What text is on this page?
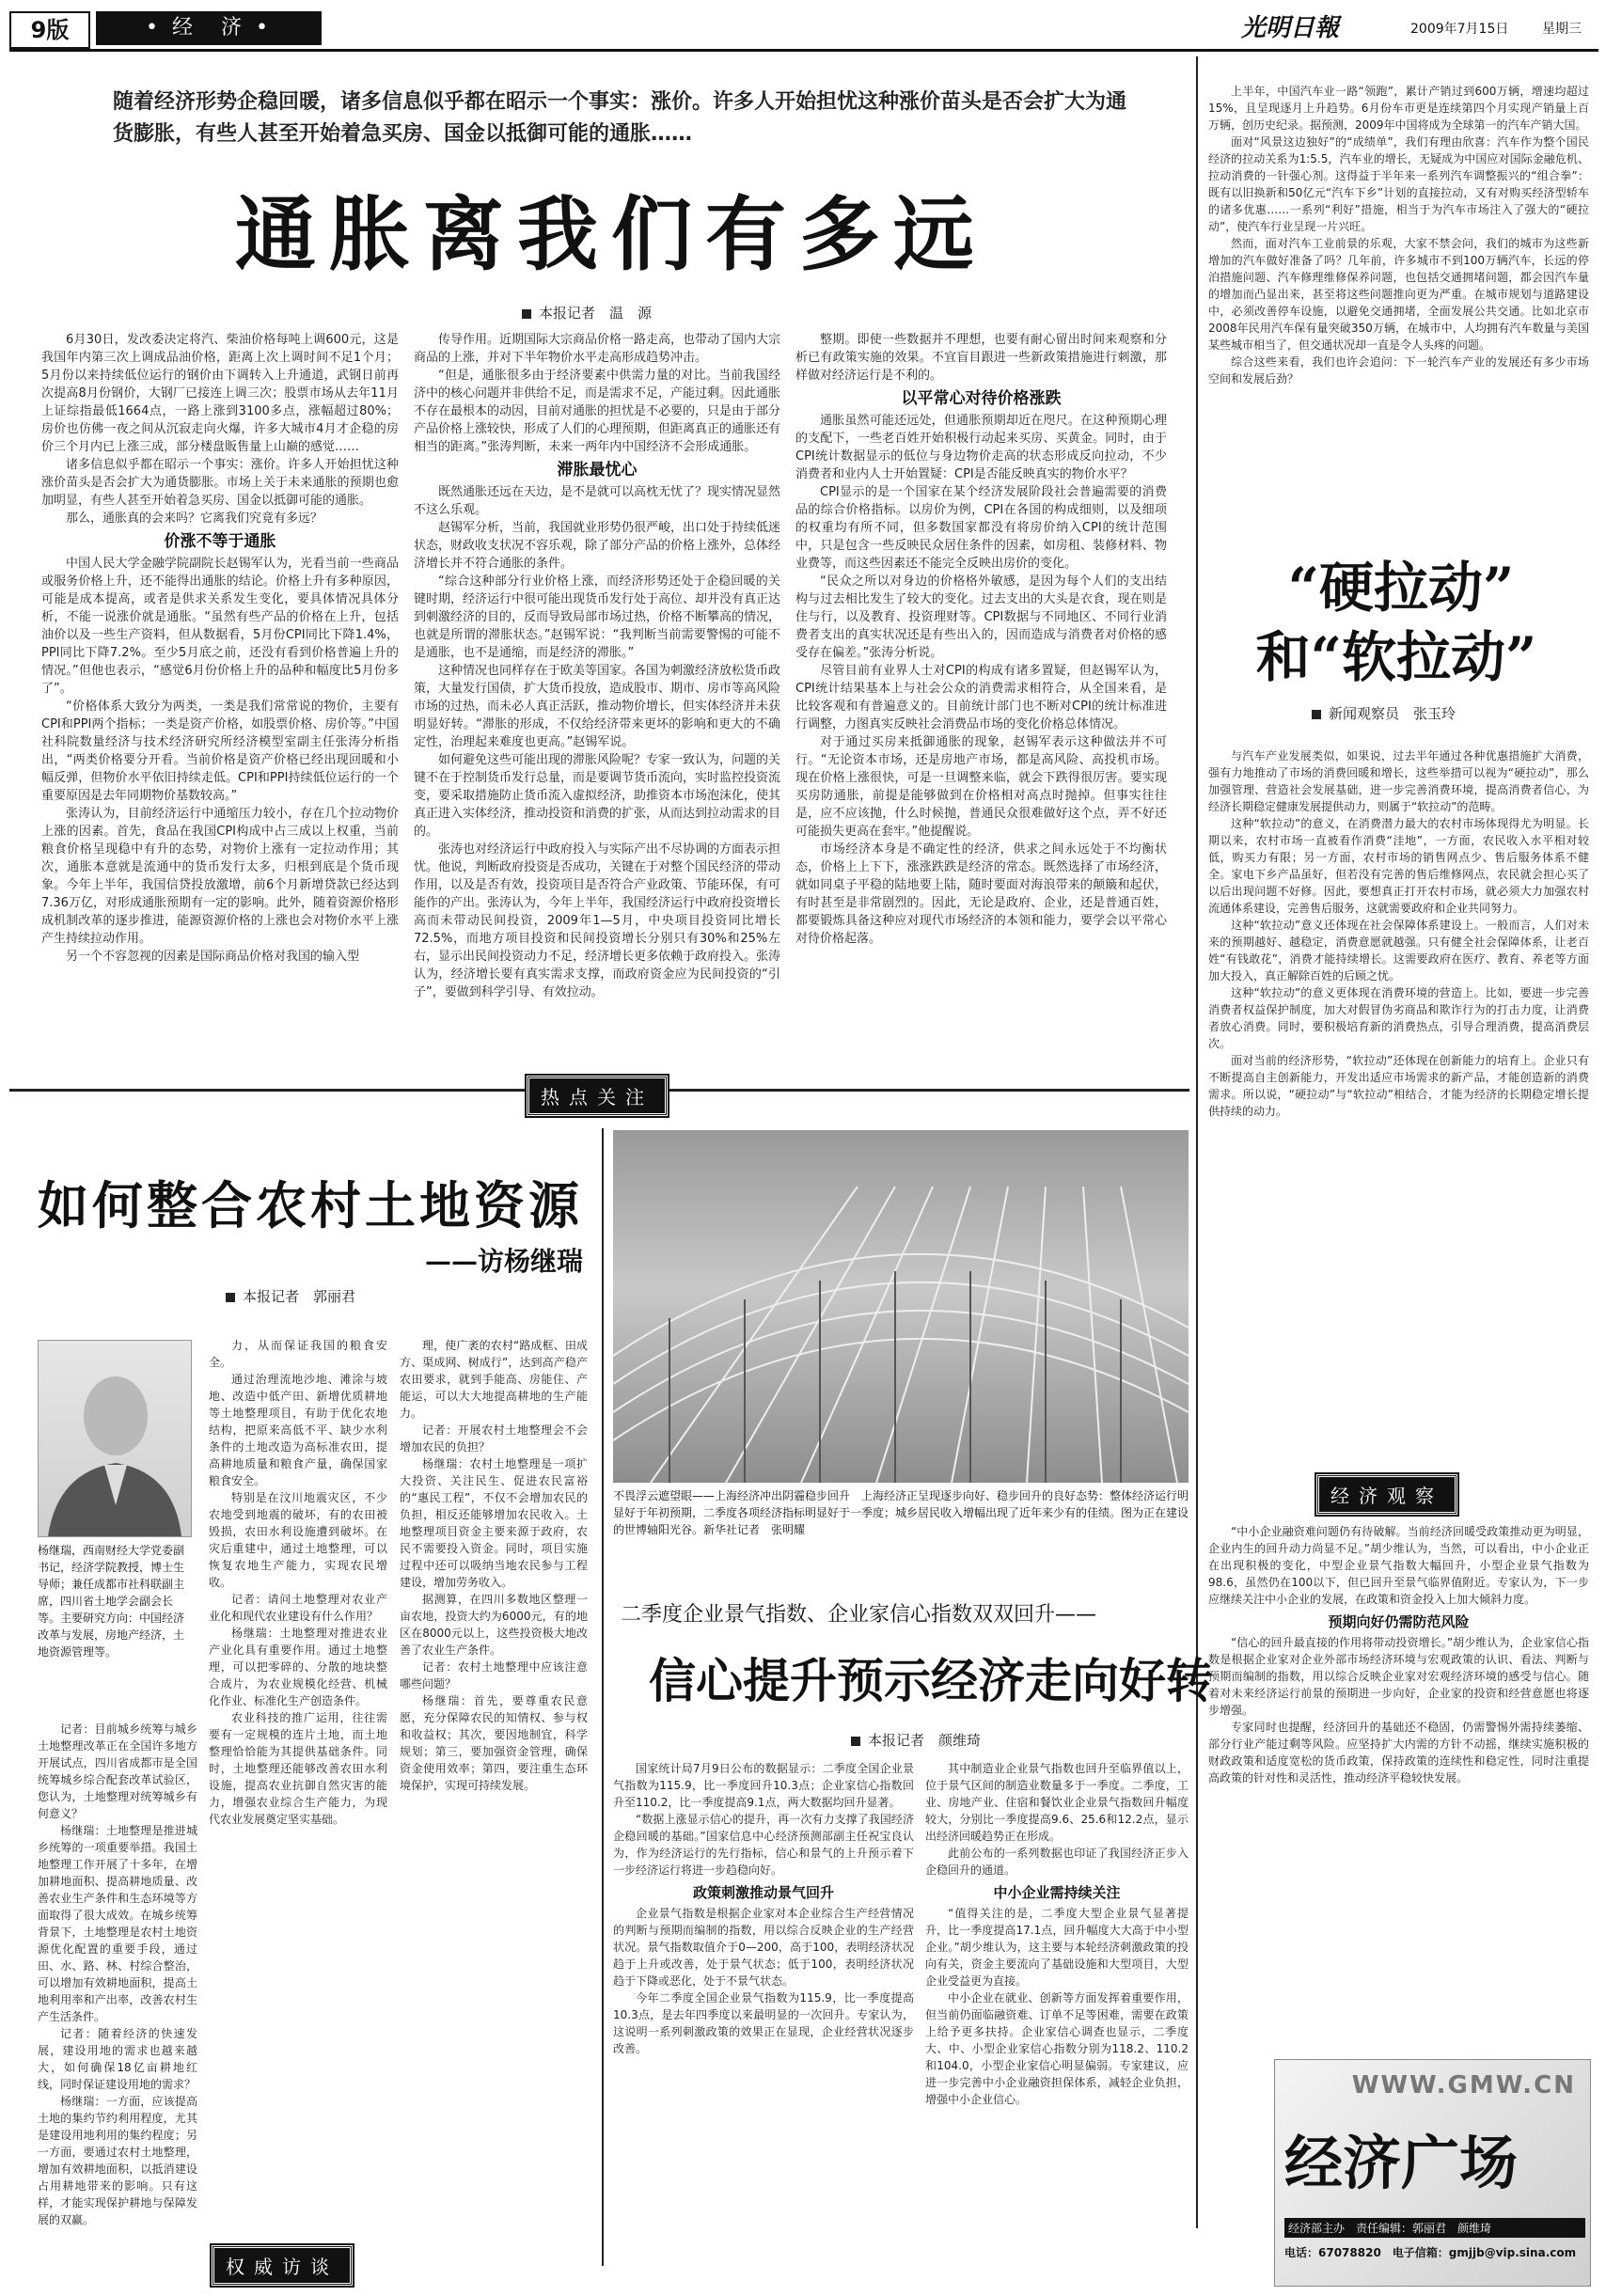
9版	• 经　济 •	光明日報	2009年7月15日	星期三
随着经济形势企稳回暖，诸多信息似乎都在昭示一个事实：涨价。许多人开始担忧这种涨价苗头是否会扩大为通货膨胀，有些人甚至开始着急买房、国金以抵御可能的通胀……
通胀离我们有多远
本报记者　温　源

6月30日，发改委决定将汽、柴油价格每吨上调600元，这是我国年内第三次上调成品油价格，距离上次上调时间不足1个月；5月份以来持续低位运行的钢价由下调转入上升通道，武钢日前再次提高8月份钢价，大钢厂已接连上调三次；股票市场从去年11月上证综指最低1664点，一路上涨到3100多点，涨幅超过80%；房价也仿佛一夜之间从沉寂走向火爆，许多大城市4月才企稳的房价三个月内已上涨三成，部分楼盘販售量上山巅的感觉……

诸多信息似乎都在昭示一个事实：涨价。许多人开始担忧这种涨价苗头是否会扩大为通货膨胀。市场上关于未来通胀的预期也愈加明显，有些人甚至开始着急买房、国金以抵御可能的通胀。

那么，通胀真的会来吗？它离我们究竟有多远？

价涨不等于通胀

中国人民大学金融学院副院长赵锡军认为，光看当前一些商品或服务价格上升，还不能得出通胀的结论。价格上升有多种原因，可能是成本提高，或者是供求关系发生变化，要具体情况具体分析，不能一说涨价就是通胀。“虽然有些产品的价格在上升，包括油价以及一些生产资料，但从数据看，5月份CPI同比下降1.4%，PPI同比下降7.2%。至少5月底之前，还没有看到价格普遍上升的情况。”但他也表示，“感觉6月份价格上升的品种和幅度比5月份多了”。

“价格体系大致分为两类，一类是我们常常说的物价，主要有CPI和PPI两个指标；一类是资产价格，如股票价格、房价等。”中国社科院数量经济与技术经济研究所经济模型室副主任张涛分析指出，“两类价格要分开看。当前价格是资产价格已经出现回暖和小幅反弹，但物价水平依旧持续走低。CPI和PPI持续低位运行的一个重要原因是去年同期物价基数较高。”

张涛认为，目前经济运行中通缩压力较小，存在几个拉动物价上涨的因素。首先，食品在我国CPI构成中占三成以上权重，当前粮食价格呈现稳中有升的态势，对物价上涨有一定拉动作用；其次，通胀本意就是流通中的货币发行太多，归根到底是个货币现象。今年上半年，我国信贷投放激增，前6个月新增贷款已经达到7.36万亿，对形成通胀预期有一定的影响。此外，随着资源价格形成机制改革的逐步推进，能源资源价格的上涨也会对物价水平上涨产生持续拉动作用。

另一个不容忽视的因素是国际商品价格对我国的输入型

传导作用。近期国际大宗商品价格一路走高，也带动了国内大宗商品的上涨，并对下半年物价水平走高形成趋势冲击。

“但是，通胀很多由于经济要素中供需力量的对比。当前我国经济中的核心问题并非供给不足，而是需求不足，产能过剩。因此通胀不存在最根本的动因，目前对通胀的担忧是不必要的，只是由于部分产品价格上涨较快，形成了人们的心理预期，但距离真正的通胀还有相当的距离。”张涛判断，未来一两年内中国经济不会形成通胀。

滞胀最忧心

既然通胀还远在天边，是不是就可以高枕无忧了？现实情况显然不这么乐观。

赵锡军分析，当前，我国就业形势仍很严峻，出口处于持续低迷状态，财政收支状况不容乐观，除了部分产品的价格上涨外，总体经济增长并不符合通胀的条件。

“综合这种部分行业价格上涨，而经济形势还处于企稳回暖的关键时期，经济运行中很可能出现货币发行处于高位、却并没有真正达到刺激经济的目的，反而导致局部市场过热，价格不断攀高的情况，也就是所谓的滞胀状态。”赵锡军说：“我判断当前需要警惕的可能不是通胀，也不是通缩，而是经济的滞胀。”

这种情况也同样存在于欧美等国家。各国为刺激经济放松货币政策，大量发行国债，扩大货币投放，造成股市、期市、房市等高风险市场的过热，而未必人真正活跃，推动物价增长，但实体经济并未获明显好转。“滞胀的形成，不仅给经济带来更坏的影响和更大的不确定性，治理起来难度也更高。”赵锡军说。

如何避免这些可能出现的滞胀风险呢？专家一致认为，问题的关键不在于控制货币发行总量，而是要调节货币流向，实时监控投资流变，要采取措施防止货币流入虚拟经济，助推资本市场泡沫化，使其真正进入实体经济，推动投资和消费的扩张，从而达到拉动需求的目的。

张涛也对经济运行中政府投入与实际产出不尽协调的方面表示担忧。他说，判断政府投资是否成功，关键在于对整个国民经济的带动作用，以及是否有效，投资项目是否符合产业政策、节能环保，有可能作的产出。张涛认为，今年上半年，我国经济运行中政府投资增长高而未带动民间投资，2009年1—5月，中央项目投资同比增长72.5%，而地方项目投资和民间投资增长分别只有30%和25%左右，显示出民间投资动力不足，经济增长更多依赖于政府投入。张涛认为，经济增长要有真实需求支撑，而政府资金应为民间投资的“引子”，要做到科学引导、有效拉动。

整期。即使一些数据并不理想，也要有耐心留出时间来观察和分析已有政策实施的效果。不宜盲目跟进一些新政策措施进行刺激，那样做对经济运行是不利的。

以平常心对待价格涨跌

通胀虽然可能还远处，但通胀预期却近在咫尺。在这种预期心理的支配下，一些老百姓开始积极行动起来买房、买黄金。同时，由于CPI统计数据显示的低位与身边物价走高的状态形成反向拉动，不少消费者和业内人士开始置疑：CPI是否能反映真实的物价水平？

CPI显示的是一个国家在某个经济发展阶段社会普遍需要的消费品的综合价格指标。以房价为例，CPI在各国的构成细则，以及细项的权重均有所不同，但多数国家都没有将房价纳入CPI的统计范围中，只是包含一些反映民众居住条件的因素，如房租、装修材料、物业费等，而这些因素还不能完全反映出房价的变化。

“民众之所以对身边的价格格外敏感，是因为每个人们的支出结构与过去相比发生了较大的变化。过去支出的大头是衣食，现在则是住与行，以及教育、投资理财等。CPI数据与不同地区、不同行业消费者支出的真实状况还是有些出入的，因而造成与消费者对价格的感受存在偏差。”张涛分析说。

尽管目前有业界人士对CPI的构成有诸多置疑，但赵锡军认为，CPI统计结果基本上与社会公众的消费需求相符合，从全国来看，是比较客观和有普遍意义的。目前统计部门也不断对CPI的统计标准进行调整，力图真实反映社会消费品市场的变化价格总体情况。

对于通过买房来抵御通胀的现象，赵锡军表示这种做法并不可行。“无论资本市场，还是房地产市场，都是高风险、高投机市场。现在价格上涨很快，可是一旦调整来临，就会下跌得很厉害。要实现买房防通胀，前提是能够做到在价格相对高点时抛掉。但事实往往是，应不应该抛，什么时候抛，普通民众很难做好这个点，弄不好还可能损失更高在套牢。”他提醒说。

市场经济本身是不确定性的经济，供求之间永远处于不均衡状态，价格上上下下，涨涨跌跌是经济的常态。既然选择了市场经济，就如同桌子平稳的陆地要上陆，随时要面对海浪带来的颠簸和起伏，有时甚至是非常剧烈的。因此，无论是政府、企业，还是普通百姓，都要锻炼具备这种应对现代市场经济的本领和能力，要学会以平常心对待价格起落。

上半年，中国汽车业一路“领跑”，累计产销过到600万辆，增速均超过15%，且呈现逐月上升趋势。6月份车市更是连续第四个月实现产销量上百万辆，创历史纪录。据预测，2009年中国将成为全球第一的汽车产销大国。

面对“风景这边独好”的“成绩单”，我们有理由欣喜：汽车作为整个国民经济的拉动关系为1:5.5，汽车业的增长，无疑成为中国应对国际金融危机、拉动消费的一针强心剂。这得益于半年来一系列汽车调整振兴的“组合拳”：既有以旧换新和50亿元“汽车下乡”计划的直接拉动，又有对购买经济型轿车的诸多优惠……一系列“利好”措施，相当于为汽车市场注入了强大的“硬拉动”，使汽车行业呈现一片兴旺。

然而，面对汽车工业前景的乐观，大家不禁会问，我们的城市为这些新增加的汽车做好准备了吗？几年前，许多城市不到100万辆汽车，长远的停泊措施问题、汽车修理维修保养问题，也包括交通拥堵问题，都会因汽车量的增加而凸显出来，甚至将这些问题推向更为严重。在城市规划与道路建设中，必须改善停车设施，以避免交通拥堵，全面发展公共交通。比如北京市2008年民用汽车保有量突破350万辆，在城市中，人均拥有汽车数量与美国某些城市相当了，但交通状况却一直是令人头疼的问题。

综合这些来看，我们也许会追问：下一轮汽车产业的发展还有多少市场空间和发展后劲？

“硬拉动”
和“软拉动”
新闻观察员　张玉玲

与汽车产业发展类似，如果说，过去半年通过各种优惠措施扩大消费，强有力地推动了市场的消费回暖和增长，这些举措可以视为“硬拉动”，那么加强管理、营造社会发展基础，进一步完善消费环境，提高消费者信心，为经济长期稳定健康发展提供动力，则属于“软拉动”的范畴。

这种“软拉动”的意义，在消费潜力最大的农村市场体现得尤为明显。长期以来，农村市场一直被看作消费“洼地”，一方面，农民收入水平相对较低，购买力有限；另一方面，农村市场的销售网点少、售后服务体系不健全。家电下乡产品虽好，但若没有完善的售后维修网点，农民就会担心买了以后出现问题不好修。因此，要想真正打开农村市场，就必须大力加强农村流通体系建设，完善售后服务，这就需要政府和企业共同努力。

这种“软拉动”意义还体现在社会保障体系建设上。一般而言，人们对未来的预期越好、越稳定，消费意愿就越强。只有健全社会保障体系，让老百姓“有钱敢花”，消费才能持续增长。这需要政府在医疗、教育、养老等方面加大投入，真正解除百姓的后顾之忧。

这种“软拉动”的意义更体现在消费环境的营造上。比如，要进一步完善消费者权益保护制度，加大对假冒伪劣商品和欺诈行为的打击力度，让消费者放心消费。同时，要积极培育新的消费热点，引导合理消费，提高消费层次。

面对当前的经济形势，“软拉动”还体现在创新能力的培育上。企业只有不断提高自主创新能力，开发出适应市场需求的新产品，才能创造新的消费需求。所以说，“硬拉动”与“软拉动”相结合，才能为经济的长期稳定增长提供持续的动力。

经济观察
热点关注
如何整合农村土地资源
——访杨继瑞
本报记者　郭丽君
杨继瑞，西南财经大学党委副书记，经济学院教授，博士生导师；兼任成都市社科联副主席，四川省土地学会副会长等。主要研究方向：中国经济改革与发展，房地产经济，土地资源管理等。

记者：目前城乡统筹与城乡土地整理改革正在全国许多地方开展试点，四川省成都市是全国统筹城乡综合配套改革试验区，您认为，土地整理对统筹城乡有何意义？

杨继瑞：土地整理是推进城乡统筹的一项重要举措。我国土地整理工作开展了十多年，在增加耕地面积、提高耕地质量、改善农业生产条件和生态环境等方面取得了很大成效。在城乡统筹背景下，土地整理是农村土地资源优化配置的重要手段，通过田、水、路、林、村综合整治，可以增加有效耕地面积，提高土地利用率和产出率，改善农村生产生活条件。

记者：随着经济的快速发展，建设用地的需求也越来越大，如何确保18亿亩耕地红线，同时保证建设用地的需求？

杨继瑞：一方面，应该提高土地的集约节约利用程度，尤其是建设用地利用的集约程度；另一方面，要通过农村土地整理，增加有效耕地面积，以抵消建设占用耕地带来的影响。只有这样，才能实现保护耕地与保障发展的双赢。

力，从而保证我国的粮食安全。

通过治理流地沙地、滩涂与坡地、改造中低产田、新增优质耕地等土地整理项目，有助于优化农地结构，把原来高低不平、缺少水利条件的土地改造为高标准农田，提高耕地质量和粮食产量，确保国家粮食安全。

特别是在汶川地震灾区，不少农地受到地震的破坏，有的农田被毁损，农田水利设施遭到破坏。在灾后重建中，通过土地整理，可以恢复农地生产能力，实现农民增收。

记者：请问土地整理对农业产业化和现代农业建设有什么作用？

杨继瑞：土地整理对推进农业产业化具有重要作用。通过土地整理，可以把零碎的、分散的地块整合成片，为农业规模化经营、机械化作业、标准化生产创造条件。

农业科技的推广运用，往往需要有一定规模的连片土地，而土地整理恰恰能为其提供基础条件。同时，土地整理还能够改善农田水利设施，提高农业抗御自然灾害的能力，增强农业综合生产能力，为现代农业发展奠定坚实基础。

理，使广袤的农村“路成框、田成方、渠成网、树成行”，达到高产稳产农田要求，就到手能高、房能住、产能运，可以大大地提高耕地的生产能力。

记者：开展农村土地整理会不会增加农民的负担？

杨继瑞：农村土地整理是一项扩大投资、关注民生、促进农民富裕的“惠民工程”，不仅不会增加农民的负担，相反还能够增加农民收入。土地整理项目资金主要来源于政府，农民不需要投入资金。同时，项目实施过程中还可以吸纳当地农民参与工程建设，增加劳务收入。

据测算，在四川多数地区整理一亩农地，投资大约为6000元，有的地区在8000元以上，这些投资极大地改善了农业生产条件。

记者：农村土地整理中应该注意哪些问题？

杨继瑞：首先，要尊重农民意愿，充分保障农民的知情权、参与权和收益权；其次，要因地制宜，科学规划；第三，要加强资金管理，确保资金使用效率；第四，要注重生态环境保护，实现可持续发展。

权威访谈
不畏浮云遮望眼——上海经济冲出阴霾稳步回升　上海经济正呈现逐步向好、稳步回升的良好态势：整体经济运行明显好于年初预期，二季度各项经济指标明显好于一季度；城乡居民收入增幅出现了近年来少有的佳绩。图为正在建设的世博轴阳光谷。新华社记者　张明耀
二季度企业景气指数、企业家信心指数双双回升——
信心提升预示经济走向好转
本报记者　颜维琦

国家统计局7月9日公布的数据显示：二季度全国企业景气指数为115.9，比一季度回升10.3点；企业家信心指数回升至110.2，比一季度提高9.1点，两大数据均回升显著。

“数据上涨显示信心的提升，再一次有力支撑了我国经济企稳回暖的基础。”国家信息中心经济预测部副主任祝宝良认为，作为经济运行的先行指标，信心和景气的上升预示着下一步经济运行将进一步趋稳向好。

政策刺激推动景气回升

企业景气指数是根据企业家对本企业综合生产经营情况的判断与预期而编制的指数，用以综合反映企业的生产经营状况。景气指数取值介于0—200，高于100，表明经济状况趋于上升或改善，处于景气状态；低于100，表明经济状况趋于下降或恶化，处于不景气状态。

今年二季度全国企业景气指数为115.9，比一季度提高10.3点，是去年四季度以来最明显的一次回升。专家认为，这说明一系列刺激政策的效果正在显现，企业经营状况逐步改善。

其中制造业企业景气指数也回升至临界值以上，位于景气区间的制造业数量多于一季度。二季度，工业、房地产业、住宿和餐饮业企业景气指数回升幅度较大，分别比一季度提高9.6、25.6和12.2点，显示出经济回暖趋势正在形成。

此前公布的一系列数据也印证了我国经济正步入企稳回升的通道。

中小企业需持续关注

“值得关注的是，二季度大型企业景气显著提升，比一季度提高17.1点，回升幅度大大高于中小型企业。”胡少维认为，这主要与本轮经济刺激政策的投向有关，资金主要流向了基础设施和大型项目，大型企业受益更为直接。

中小企业在就业、创新等方面发挥着重要作用，但当前仍面临融资难、订单不足等困难，需要在政策上给予更多扶持。企业家信心调查也显示，二季度大、中、小型企业家信心指数分别为118.2、110.2和104.0，小型企业家信心明显偏弱。专家建议，应进一步完善中小企业融资担保体系，减轻企业负担，增强中小企业信心。

“中小企业融资难问题仍有待破解。当前经济回暖受政策推动更为明显，企业内生的回升动力尚显不足。”胡少维认为，当然，可以看出，中小企业正在出现积极的变化，中型企业景气指数大幅回升，小型企业景气指数为98.6，虽然仍在100以下，但已回升至景气临界值附近。专家认为，下一步应继续关注中小企业的发展，在政策和资金投入上加大倾斜力度。

预期向好仍需防范风险

“信心的回升最直接的作用将带动投资增长。”胡少维认为，企业家信心指数是根据企业家对企业外部市场经济环境与宏观政策的认识、看法、判断与预期而编制的指数，用以综合反映企业家对宏观经济环境的感受与信心。随着对未来经济运行前景的预期进一步向好，企业家的投资和经营意愿也将逐步增强。

专家同时也提醒，经济回升的基础还不稳固，仍需警惕外需持续萎缩、部分行业产能过剩等风险。应坚持扩大内需的方针不动摇，继续实施积极的财政政策和适度宽松的货币政策，保持政策的连续性和稳定性，同时注重提高政策的针对性和灵活性，推动经济平稳较快发展。

WWW.GMW.CN
经济广场
经济部主办　责任编辑：郭丽君　颜维琦
电话：67078820　电子信箱：gmjjb@vip.sina.com
